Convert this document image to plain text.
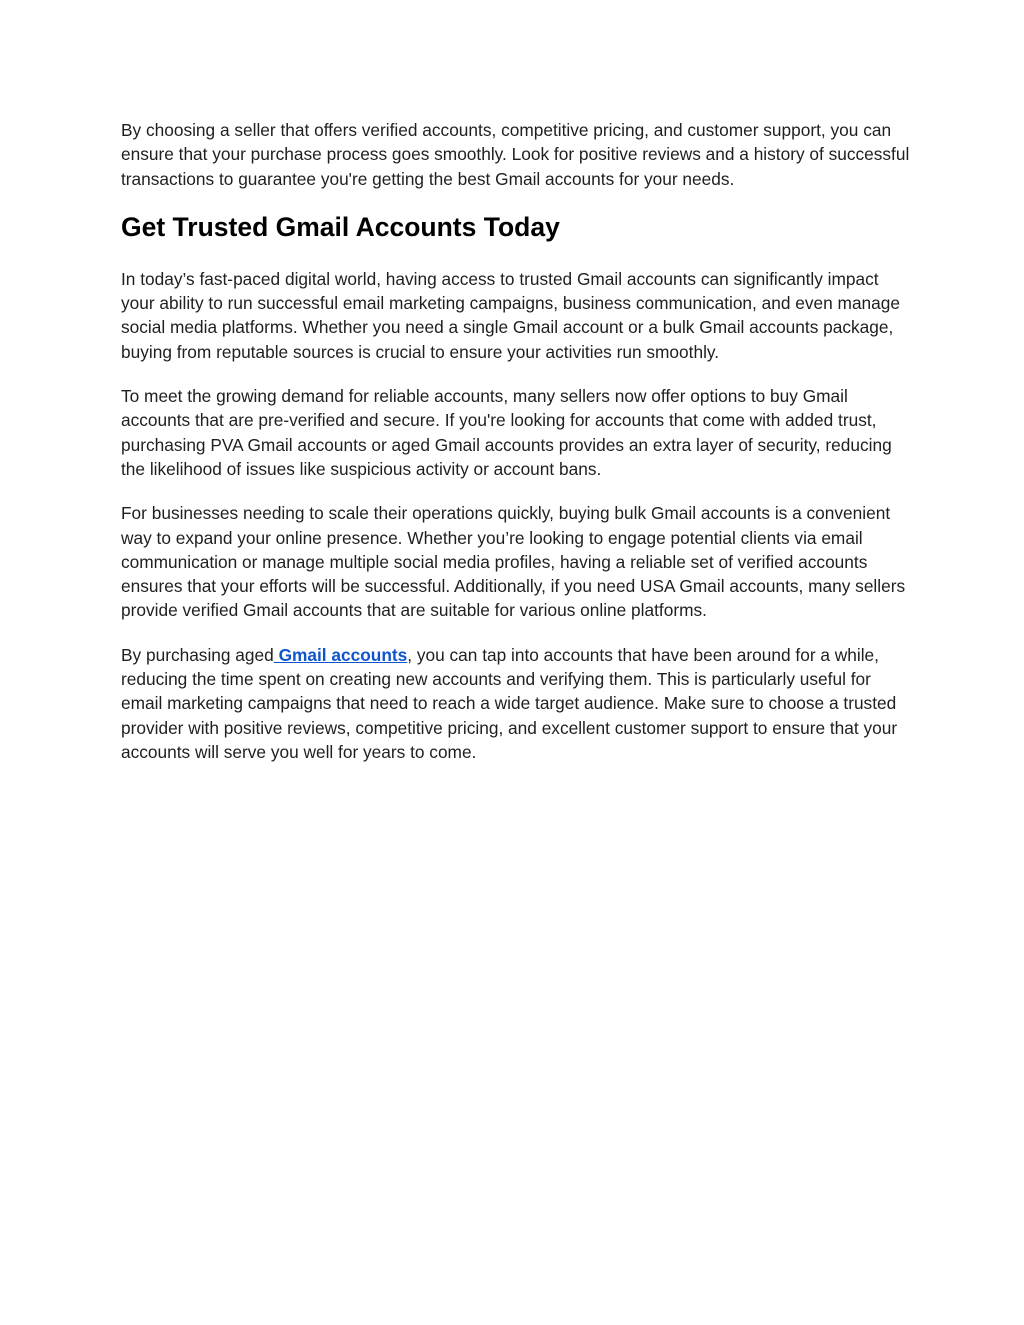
By choosing a seller that offers verified accounts, competitive pricing, and customer support, you can ensure that your purchase process goes smoothly. Look for positive reviews and a history of successful transactions to guarantee you're getting the best Gmail accounts for your needs.

Get Trusted Gmail Accounts Today

In today’s fast-paced digital world, having access to trusted Gmail accounts can significantly impact your ability to run successful email marketing campaigns, business communication, and even manage social media platforms. Whether you need a single Gmail account or a bulk Gmail accounts package, buying from reputable sources is crucial to ensure your activities run smoothly.

To meet the growing demand for reliable accounts, many sellers now offer options to buy Gmail accounts that are pre-verified and secure. If you're looking for accounts that come with added trust, purchasing PVA Gmail accounts or aged Gmail accounts provides an extra layer of security, reducing the likelihood of issues like suspicious activity or account bans.

For businesses needing to scale their operations quickly, buying bulk Gmail accounts is a convenient way to expand your online presence. Whether you’re looking to engage potential clients via email communication or manage multiple social media profiles, having a reliable set of verified accounts ensures that your efforts will be successful. Additionally, if you need USA Gmail accounts, many sellers provide verified Gmail accounts that are suitable for various online platforms.

By purchasing aged Gmail accounts, you can tap into accounts that have been around for a while, reducing the time spent on creating new accounts and verifying them. This is particularly useful for email marketing campaigns that need to reach a wide target audience. Make sure to choose a trusted provider with positive reviews, competitive pricing, and excellent customer support to ensure that your accounts will serve you well for years to come.
